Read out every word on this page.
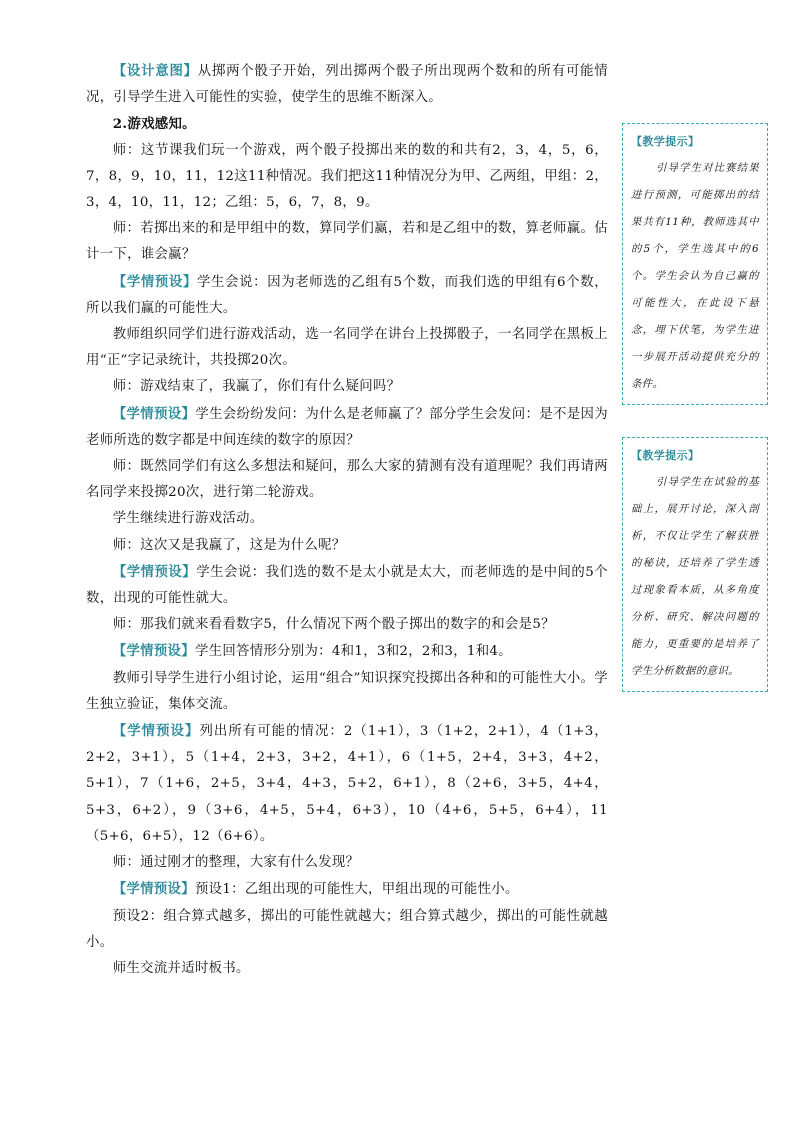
【设计意图】从掷两个骰子开始，列出掷两个骰子所出现两个数和的所有可能情况，引导学生进入可能性的实验，使学生的思维不断深入。

2.游戏感知。

师：这节课我们玩一个游戏，两个骰子投掷出来的数的和共有2，3，4，5，6，7，8，9，10，11，12这11种情况。我们把这11种情况分为甲、乙两组，甲组：2，3，4，10，11，12；乙组：5，6，7，8，9。

师：若掷出来的和是甲组中的数，算同学们赢，若和是乙组中的数，算老师赢。估计一下，谁会赢？

【学情预设】学生会说：因为老师选的乙组有5个数，而我们选的甲组有6个数，所以我们赢的可能性大。

教师组织同学们进行游戏活动，选一名同学在讲台上投掷骰子，一名同学在黑板上用“正”字记录统计，共投掷20次。

师：游戏结束了，我赢了，你们有什么疑问吗？

【学情预设】学生会纷纷发问：为什么是老师赢了？部分学生会发问：是不是因为老师所选的数字都是中间连续的数字的原因？

师：既然同学们有这么多想法和疑问，那么大家的猜测有没有道理呢？我们再请两名同学来投掷20次，进行第二轮游戏。

学生继续进行游戏活动。

师：这次又是我赢了，这是为什么呢？

【学情预设】学生会说：我们选的数不是太小就是太大，而老师选的是中间的5个数，出现的可能性就大。

师：那我们就来看看数字5，什么情况下两个骰子掷出的数字的和会是5？

【学情预设】学生回答情形分别为：4和1，3和2，2和3，1和4。

教师引导学生进行小组讨论，运用“组合”知识探究投掷出各种和的可能性大小。学生独立验证，集体交流。

【学情预设】列出所有可能的情况：2（1+1），3（1+2，2+1），4（1+3，2+2，3+1），5（1+4，2+3，3+2，4+1），6（1+5，2+4，3+3，4+2，5+1），7（1+6，2+5，3+4，4+3，5+2，6+1），8（2+6，3+5，4+4，5+3，6+2），9（3+6，4+5，5+4，6+3），10（4+6，5+5，6+4），11（5+6，6+5），12（6+6）。

师：通过刚才的整理，大家有什么发现？

【学情预设】预设1：乙组出现的可能性大，甲组出现的可能性小。

预设2：组合算式越多，掷出的可能性就越大；组合算式越少，掷出的可能性就越小。

师生交流并适时板书。

【教学提示】
引导学生对比赛结果进行预测，可能掷出的结果共有11种，教师选其中的5个，学生选其中的6个。学生会认为自己赢的可能性大，在此设下悬念，埋下伏笔，为学生进一步展开活动提供充分的条件。
【教学提示】
引导学生在试验的基础上，展开讨论，深入剖析，不仅让学生了解获胜的秘诀，还培养了学生透过现象看本质，从多角度分析、研究、解决问题的能力，更重要的是培养了学生分析数据的意识。
